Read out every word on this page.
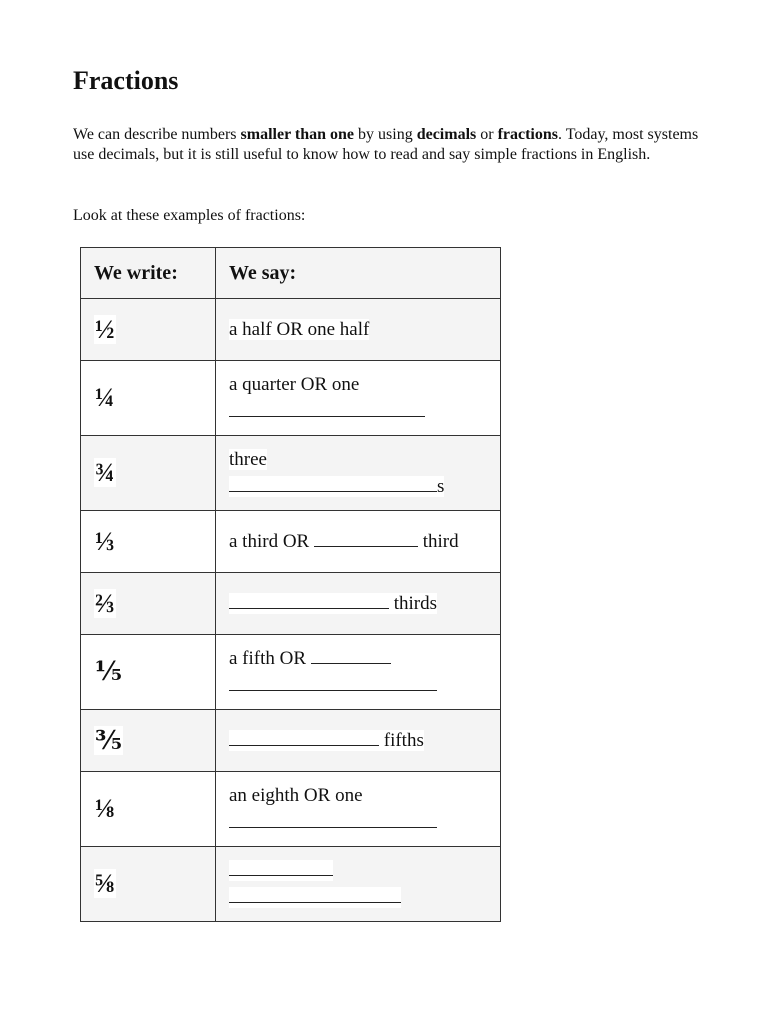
Fractions

We can describe numbers smaller than one by using decimals or fractions. Today, most systems use decimals, but it is still useful to know how to read and say simple fractions in English.

Look at these examples of fractions:

We write:	We say:
½	a half OR one half
¼	a quarter OR one

¾	three
s
⅓	a third OR third
⅔	thirds
⅕	a fifth OR

⅗	fifths
⅛	an eighth OR one

⅝	
